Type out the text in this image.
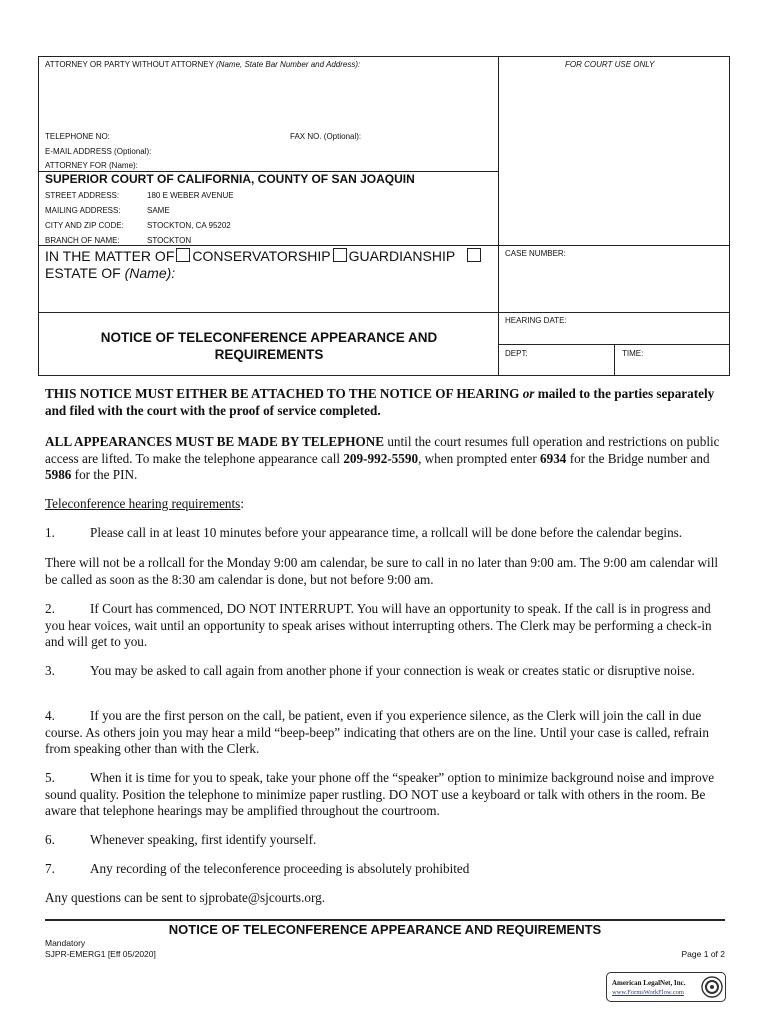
ATTORNEY OR PARTY WITHOUT ATTORNEY (Name, State Bar Number and Address):	FOR COURT USE ONLY
TELEPHONE NO:	FAX NO. (Optional):
E-MAIL ADDRESS (Optional):
ATTORNEY FOR (Name):
SUPERIOR COURT OF CALIFORNIA, COUNTY OF SAN JOAQUIN
STREET ADDRESS:	180 E WEBER AVENUE
MAILING ADDRESS:	SAME
CITY AND ZIP CODE:	STOCKTON, CA 95202
BRANCH OF NAME:	STOCKTON
IN THE MATTER OF CONSERVATORSHIP GUARDIANSHIP
ESTATE OF (Name):
CASE NUMBER:
NOTICE OF TELECONFERENCE APPEARANCE AND
REQUIREMENTS
HEARING DATE:
DEPT:	TIME:
THIS NOTICE MUST EITHER BE ATTACHED TO THE NOTICE OF HEARING or mailed to the parties separately and filed with the court with the proof of service completed.
ALL APPEARANCES MUST BE MADE BY TELEPHONE until the court resumes full operation and restrictions on public access are lifted. To make the telephone appearance call 209-992-5590, when prompted enter 6934 for the Bridge number and 5986 for the PIN.
Teleconference hearing requirements:
1.	Please call in at least 10 minutes before your appearance time, a rollcall will be done before the calendar begins.
There will not be a rollcall for the Monday 9:00 am calendar, be sure to call in no later than 9:00 am. The 9:00 am calendar will be called as soon as the 8:30 am calendar is done, but not before 9:00 am.
2.	If Court has commenced, DO NOT INTERRUPT. You will have an opportunity to speak. If the call is in progress and you hear voices, wait until an opportunity to speak arises without interrupting others. The Clerk may be performing a check-in and will get to you.
3.	You may be asked to call again from another phone if your connection is weak or creates static or disruptive noise.
4.	If you are the first person on the call, be patient, even if you experience silence, as the Clerk will join the call in due course. As others join you may hear a mild “beep-beep” indicating that others are on the line. Until your case is called, refrain from speaking other than with the Clerk.
5.	When it is time for you to speak, take your phone off the “speaker” option to minimize background noise and improve sound quality. Position the telephone to minimize paper rustling. DO NOT use a keyboard or talk with others in the room. Be aware that telephone hearings may be amplified throughout the courtroom.
6.	Whenever speaking, first identify yourself.
7.	Any recording of the teleconference proceeding is absolutely prohibited
Any questions can be sent to sjprobate@sjcourts.org.
NOTICE OF TELECONFERENCE APPEARANCE AND REQUIREMENTS
Mandatory
SJPR-EMERG1 [Eff 05/2020]	Page 1 of 2
American LegalNet, Inc.
www.FormsWorkFlow.com
